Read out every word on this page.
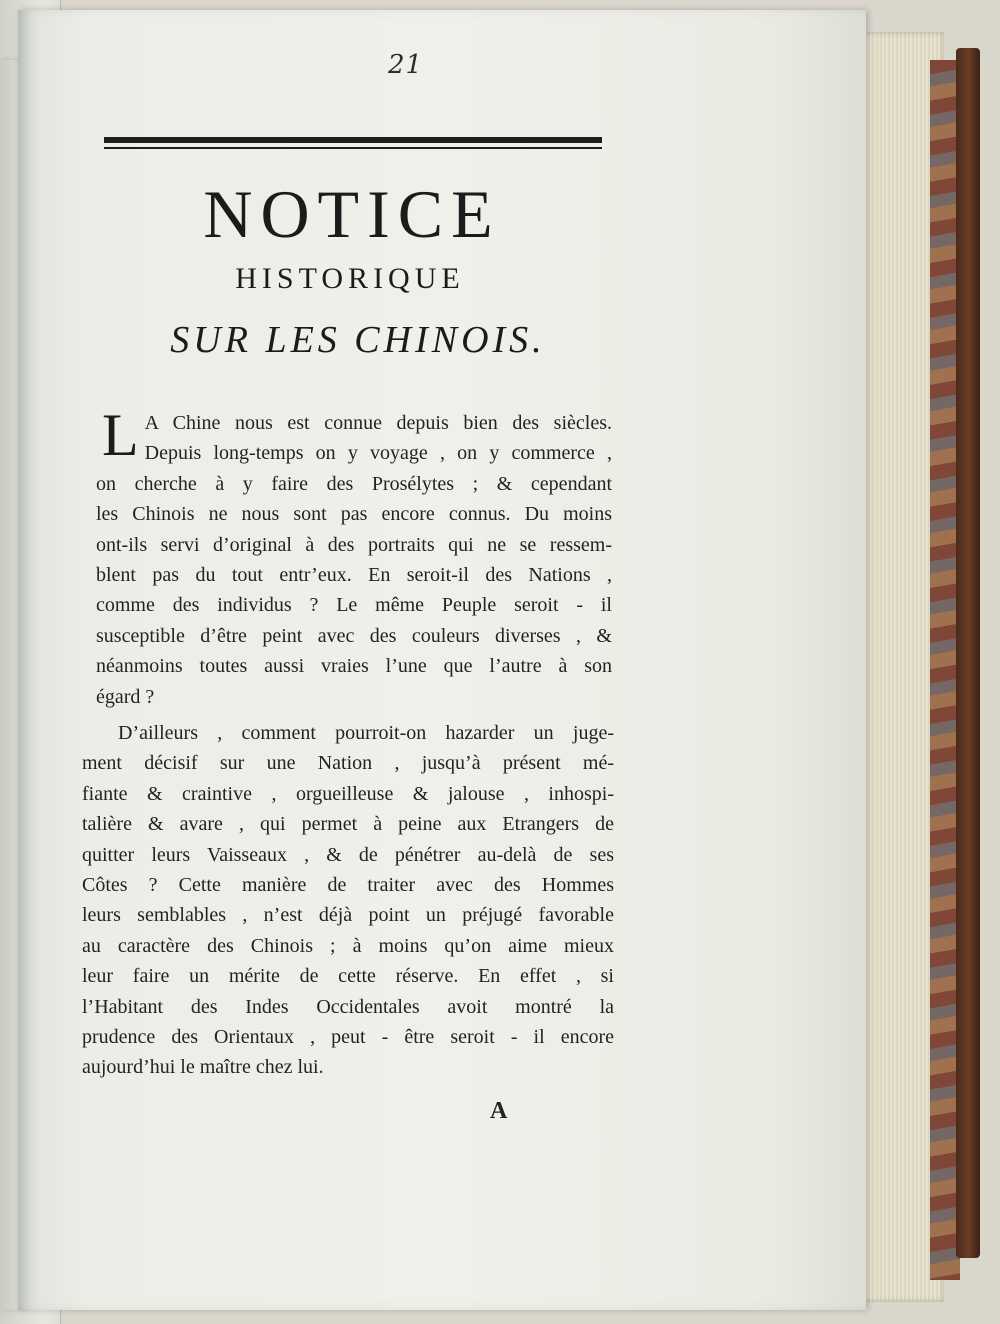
21
NOTICE
HISTORIQUE
SUR LES CHINOIS.
L A Chine nous est connue depuis bien des siècles.
Depuis long-temps on y voyage , on y commerce ,
on cherche à y faire des Prosélytes ; & cependant
les Chinois ne nous sont pas encore connus. Du moins
ont-ils servi d’original à des portraits qui ne se ressem-
blent pas du tout entr’eux. En seroit-il des Nations ,
comme des individus ? Le même Peuple seroit - il
susceptible d’être peint avec des couleurs diverses , &
néanmoins toutes aussi vraies l’une que l’autre à son
égard ?
D’ailleurs , comment pourroit-on hazarder un juge-
ment décisif sur une Nation , jusqu’à présent mé-
fiante & craintive , orgueilleuse & jalouse , inhospi-
talière & avare , qui permet à peine aux Etrangers de
quitter leurs Vaisseaux , & de pénétrer au-delà de ses
Côtes ? Cette manière de traiter avec des Hommes
leurs semblables , n’est déjà point un préjugé favorable
au caractère des Chinois ; à moins qu’on aime mieux
leur faire un mérite de cette réserve. En effet , si
l’Habitant des Indes Occidentales avoit montré la
prudence des Orientaux , peut - être seroit - il encore
aujourd’hui le maître chez lui.
A
